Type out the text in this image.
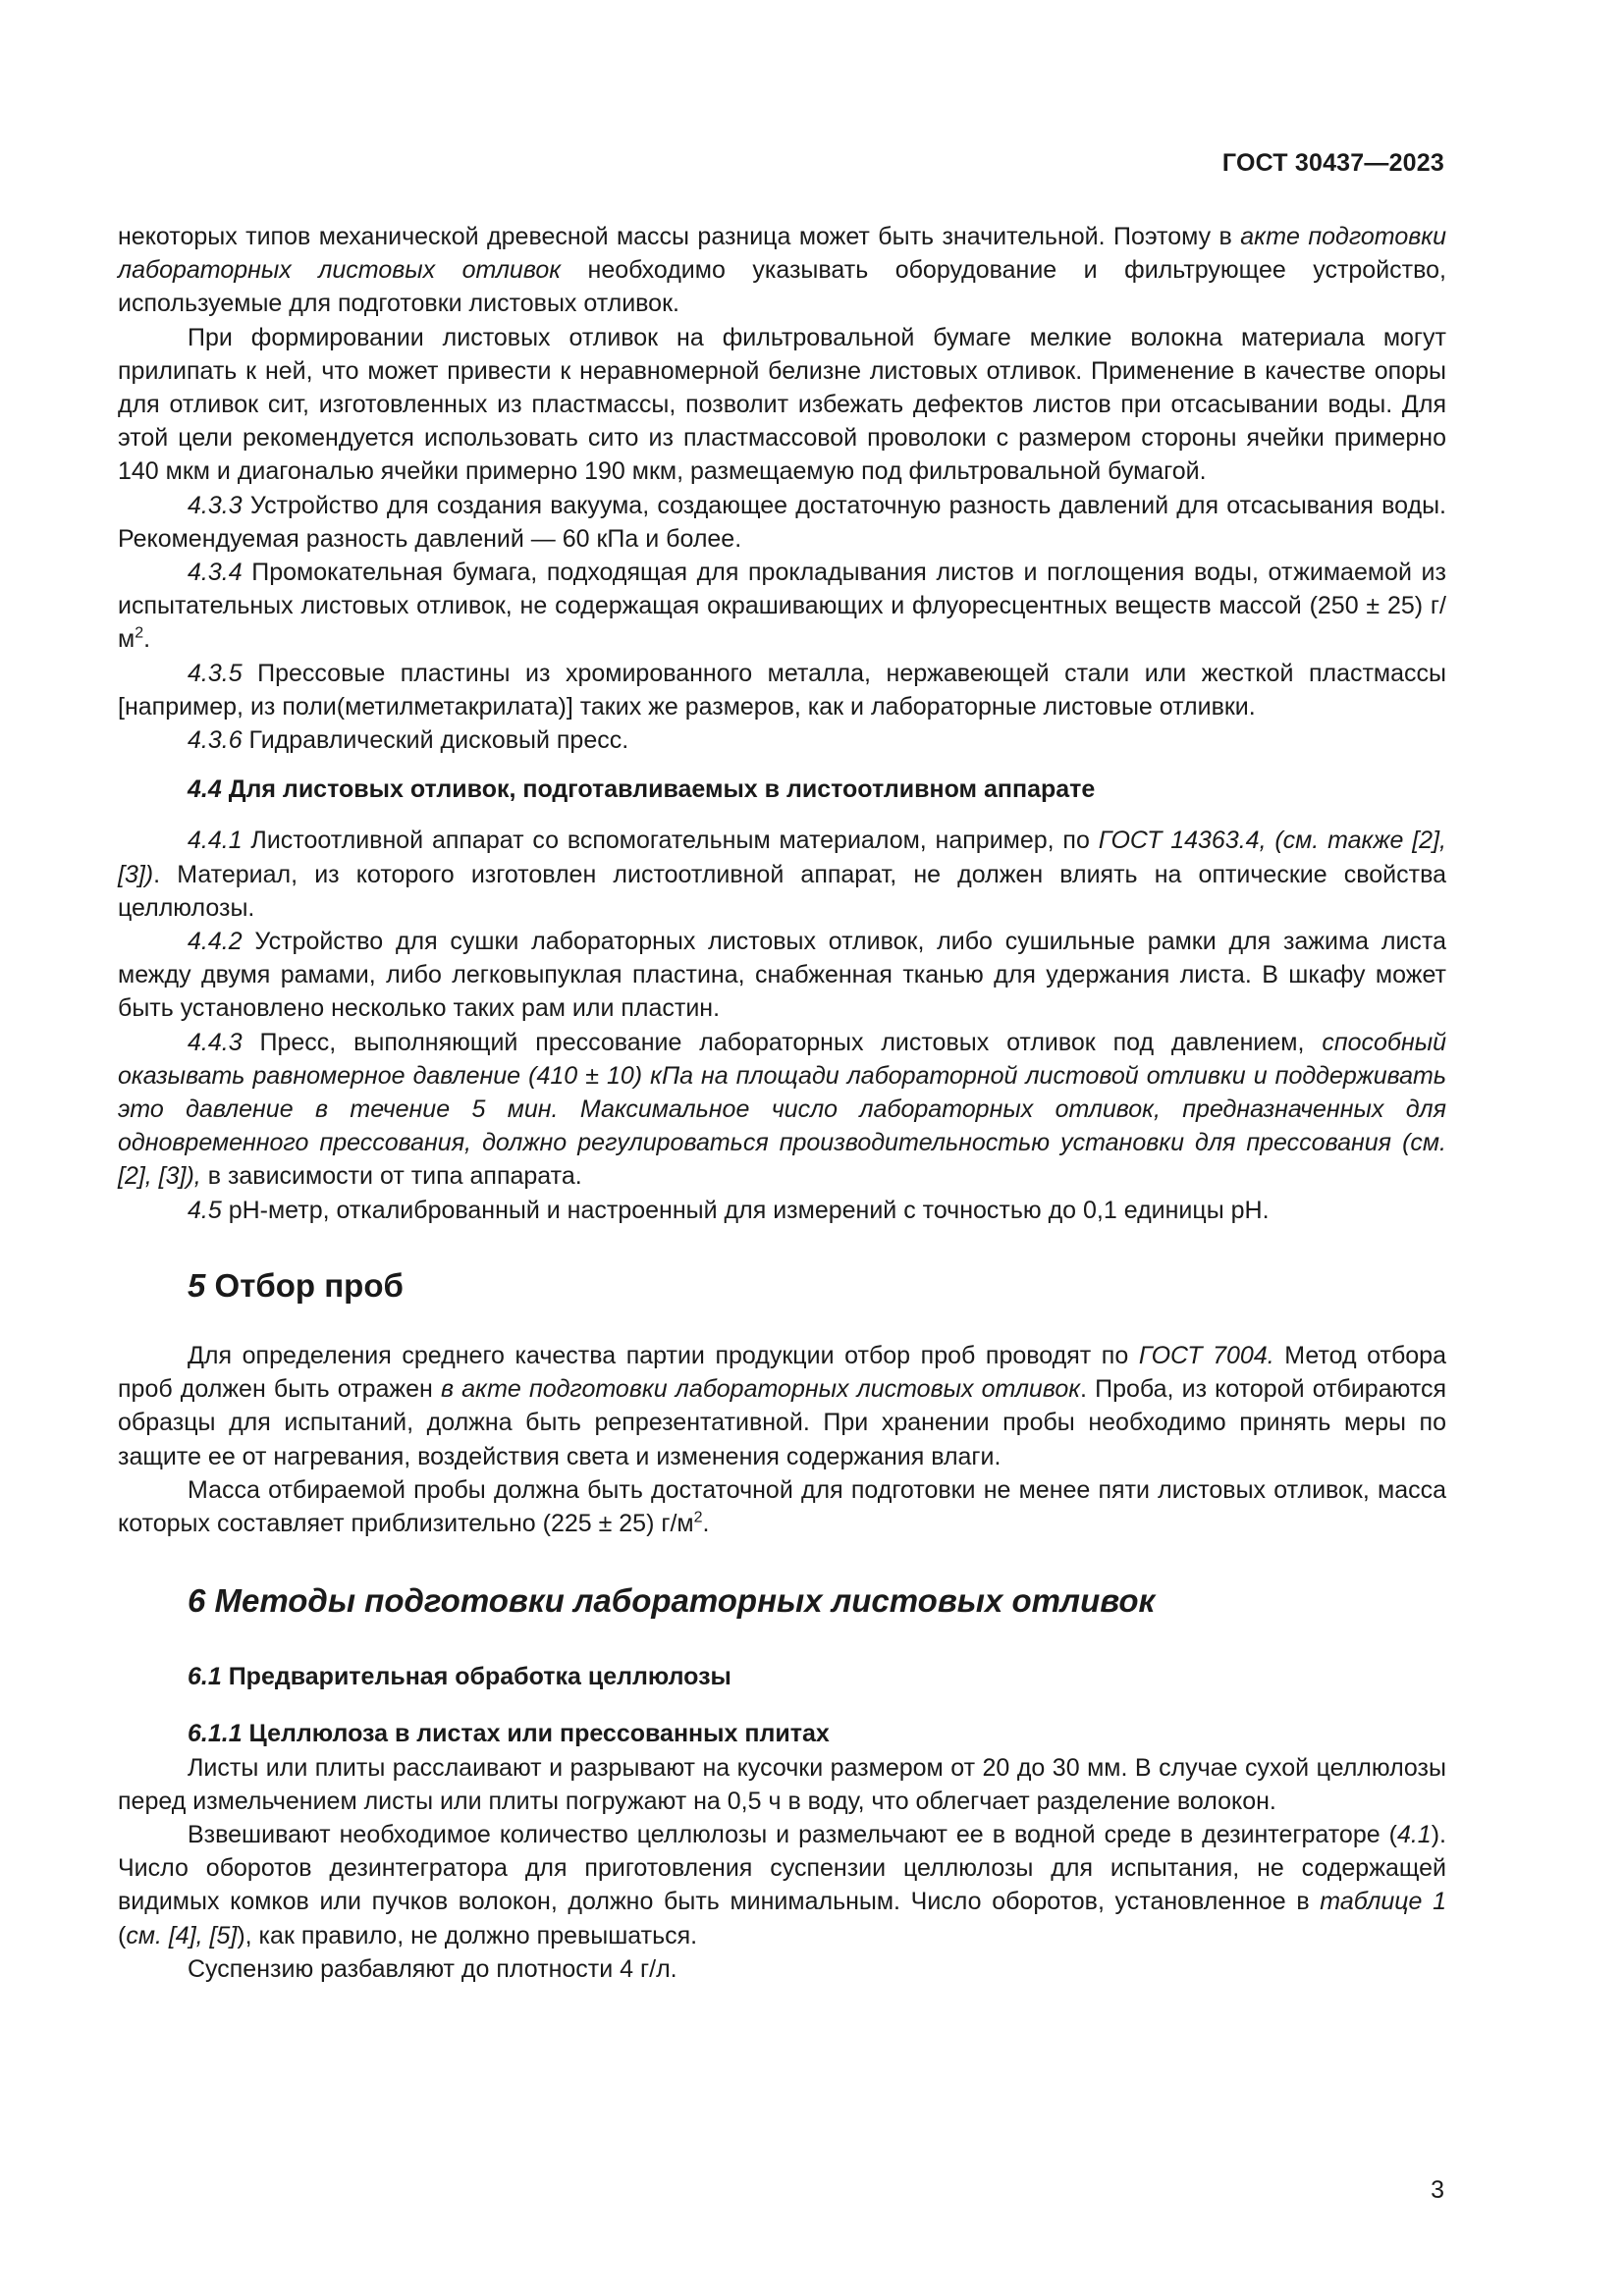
ГОСТ 30437—2023

некоторых типов механической древесной массы разница может быть значительной. Поэтому в акте подготовки лабораторных листовых отливок необходимо указывать оборудование и фильтрующее устройство, используемые для подготовки листовых отливок.

При формировании листовых отливок на фильтровальной бумаге мелкие волокна материала могут прилипать к ней, что может привести к неравномерной белизне листовых отливок. Применение в качестве опоры для отливок сит, изготовленных из пластмассы, позволит избежать дефектов листов при отсасывании воды. Для этой цели рекомендуется использовать сито из пластмассовой проволоки с размером стороны ячейки примерно 140 мкм и диагональю ячейки примерно 190 мкм, размещаемую под фильтровальной бумагой.

4.3.3 Устройство для создания вакуума, создающее достаточную разность давлений для отсасывания воды. Рекомендуемая разность давлений — 60 кПа и более.

4.3.4 Промокательная бумага, подходящая для прокладывания листов и поглощения воды, отжимаемой из испытательных листовых отливок, не содержащая окрашивающих и флуоресцентных веществ массой (250 ± 25) $г/м^2$.

4.3.5 Прессовые пластины из хромированного металла, нержавеющей стали или жесткой пластмассы [например, из поли(метилметакрилата)] таких же размеров, как и лабораторные листовые отливки.

4.3.6 Гидравлический дисковый пресс.

4.4 Для листовых отливок, подготавливаемых в листоотливном аппарате

4.4.1 Листоотливной аппарат со вспомогательным материалом, например, по ГОСТ 14363.4, (см. также [2], [3]). Материал, из которого изготовлен листоотливной аппарат, не должен влиять на оптические свойства целлюлозы.

4.4.2 Устройство для сушки лабораторных листовых отливок, либо сушильные рамки для зажима листа между двумя рамами, либо легковыпуклая пластина, снабженная тканью для удержания листа. В шкафу может быть установлено несколько таких рам или пластин.

4.4.3 Пресс, выполняющий прессование лабораторных листовых отливок под давлением, способный оказывать равномерное давление (410 ± 10) кПа на площади лабораторной листовой отливки и поддерживать это давление в течение 5 мин. Максимальное число лабораторных отливок, предназначенных для одновременного прессования, должно регулироваться производительностью установки для прессования (см. [2], [3]), в зависимости от типа аппарата.

4.5 pH-метр, откалиброванный и настроенный для измерений с точностью до 0,1 единицы pH.

5 Отбор проб

Для определения среднего качества партии продукции отбор проб проводят по ГОСТ 7004. Метод отбора проб должен быть отражен в акте подготовки лабораторных листовых отливок. Проба, из которой отбираются образцы для испытаний, должна быть репрезентативной. При хранении пробы необходимо принять меры по защите ее от нагревания, воздействия света и изменения содержания влаги.

Масса отбираемой пробы должна быть достаточной для подготовки не менее пяти листовых отливок, масса которых составляет приблизительно (225 ± 25) $г/м^2$.

6 Методы подготовки лабораторных листовых отливок

6.1 Предварительная обработка целлюлозы

6.1.1 Целлюлоза в листах или прессованных плитах

Листы или плиты расслаивают и разрывают на кусочки размером от 20 до 30 мм. В случае сухой целлюлозы перед измельчением листы или плиты погружают на 0,5 ч в воду, что облегчает разделение волокон.

Взвешивают необходимое количество целлюлозы и размельчают ее в водной среде в дезинтеграторе (4.1). Число оборотов дезинтегратора для приготовления суспензии целлюлозы для испытания, не содержащей видимых комков или пучков волокон, должно быть минимальным. Число оборотов, установленное в таблице 1 (см. [4], [5]), как правило, не должно превышаться.

Суспензию разбавляют до плотности 4 г/л.

3
